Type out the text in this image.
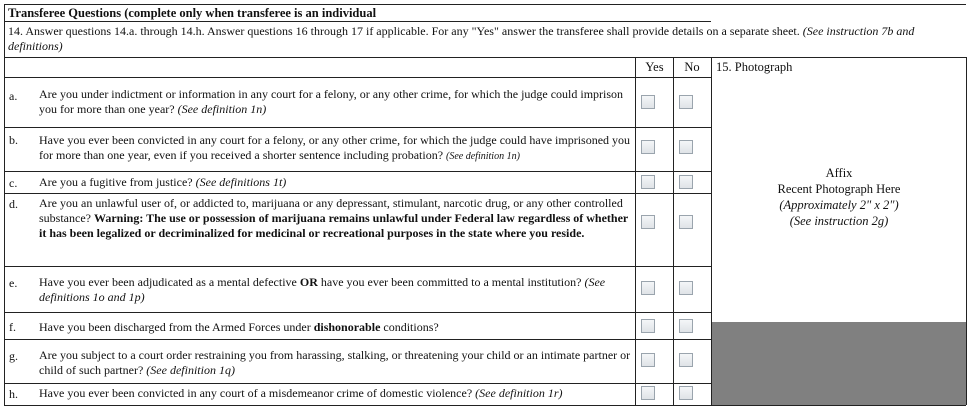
Transferee Questions (complete only when transferee is an individual
14. Answer questions 14.a. through 14.h. Answer questions 16 through 17 if applicable. For any "Yes" answer the transferee shall provide details on a separate sheet. (See instruction 7b and definitions)
Yes	No	15. Photograph
a. Are you under indictment or information in any court for a felony, or any other crime, for which the judge could imprison you for more than one year? (See definition 1n)
b. Have you ever been convicted in any court for a felony, or any other crime, for which the judge could have imprisoned you for more than one year, even if you received a shorter sentence including probation? (See definition 1n)
c. Are you a fugitive from justice? (See definitions 1t)
d. Are you an unlawful user of, or addicted to, marijuana or any depressant, stimulant, narcotic drug, or any other controlled substance? Warning: The use or possession of marijuana remains unlawful under Federal law regardless of whether it has been legalized or decriminalized for medicinal or recreational purposes in the state where you reside.
e. Have you ever been adjudicated as a mental defective OR have you ever been committed to a mental institution? (See definitions 1o and 1p)
f. Have you been discharged from the Armed Forces under dishonorable conditions?
g. Are you subject to a court order restraining you from harassing, stalking, or threatening your child or an intimate partner or child of such partner? (See definition 1q)
h. Have you ever been convicted in any court of a misdemeanor crime of domestic violence? (See definition 1r)
Affix
Recent Photograph Here
(Approximately 2" x 2")
(See instruction 2g)
